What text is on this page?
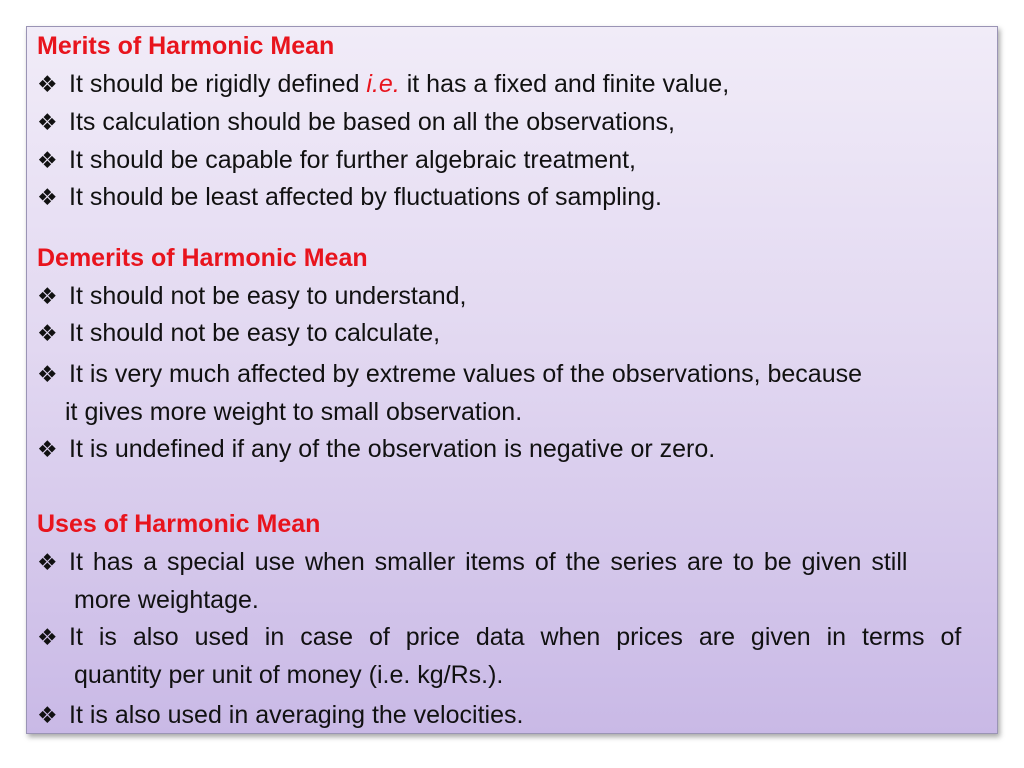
Merits of Harmonic Mean
❖ It should be rigidly defined i.e. it has a fixed and finite value,
❖ Its calculation should be based on all the observations,
❖ It should be capable for further algebraic treatment,
❖ It should be least affected by fluctuations of sampling.
Demerits of Harmonic Mean
❖ It should not be easy to understand,
❖ It should not be easy to calculate,
❖ It is very much affected by extreme values of the observations, because
it gives more weight to small observation.
❖ It is undefined if any of the observation is negative or zero.
Uses of Harmonic Mean
❖ It has a special use when smaller items of the series are to be given still
more weightage.
❖ It is also used in case of price data when prices are given in terms of
quantity per unit of money (i.e. kg/Rs.).
❖ It is also used in averaging the velocities.
